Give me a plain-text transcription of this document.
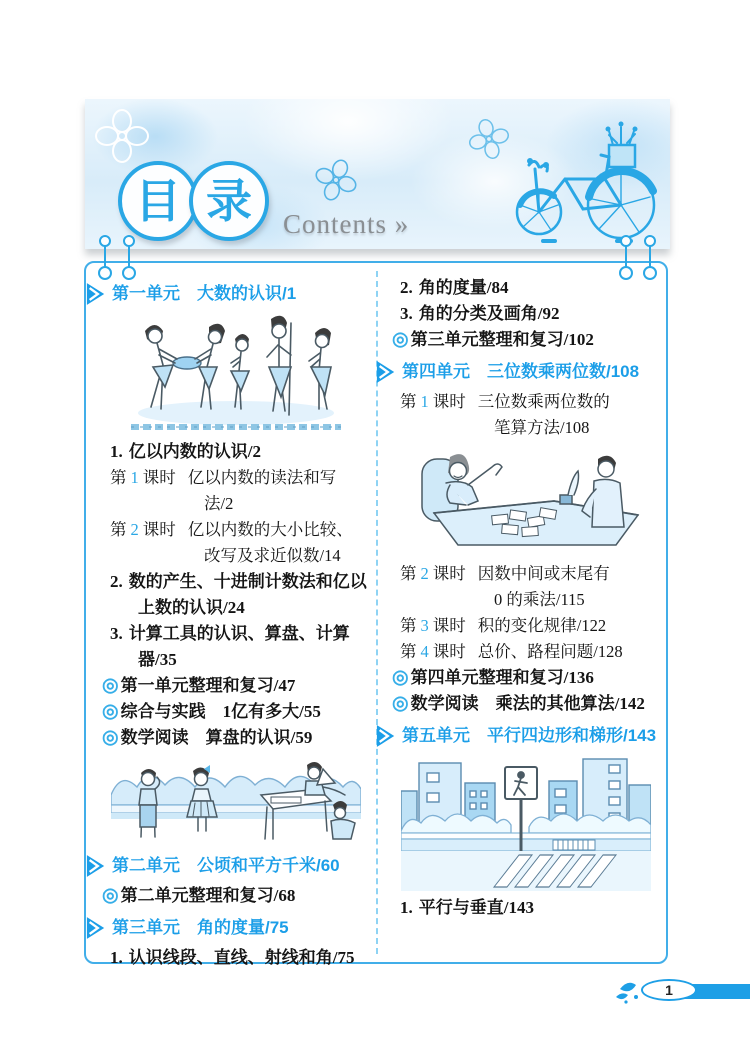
目 录 Contents »
第一单元　大数的认识/1
1. 亿以内数的认识/2
第 1 课时 亿以内数的读法和写
法/2
第 2 课时 亿以内数的大小比较、
改写及求近似数/14
2. 数的产生、十进制计数法和亿以
上数的认识/24
3. 计算工具的认识、算盘、计算
器/35
◎ 第一单元整理和复习/47
◎ 综合与实践　1亿有多大/55
◎ 数学阅读　算盘的认识/59
第二单元　公顷和平方千米/60
◎ 第二单元整理和复习/68
第三单元　角的度量/75
1. 认识线段、直线、射线和角/75
2. 角的度量/84
3. 角的分类及画角/92
◎ 第三单元整理和复习/102
第四单元　三位数乘两位数/108
第 1 课时 三位数乘两位数的
笔算方法/108
第 2 课时 因数中间或末尾有
0 的乘法/115
第 3 课时 积的变化规律/122
第 4 课时 总价、路程问题/128
◎ 第四单元整理和复习/136
◎ 数学阅读　乘法的其他算法/142
第五单元　平行四边形和梯形/143
1. 平行与垂直/143
1
